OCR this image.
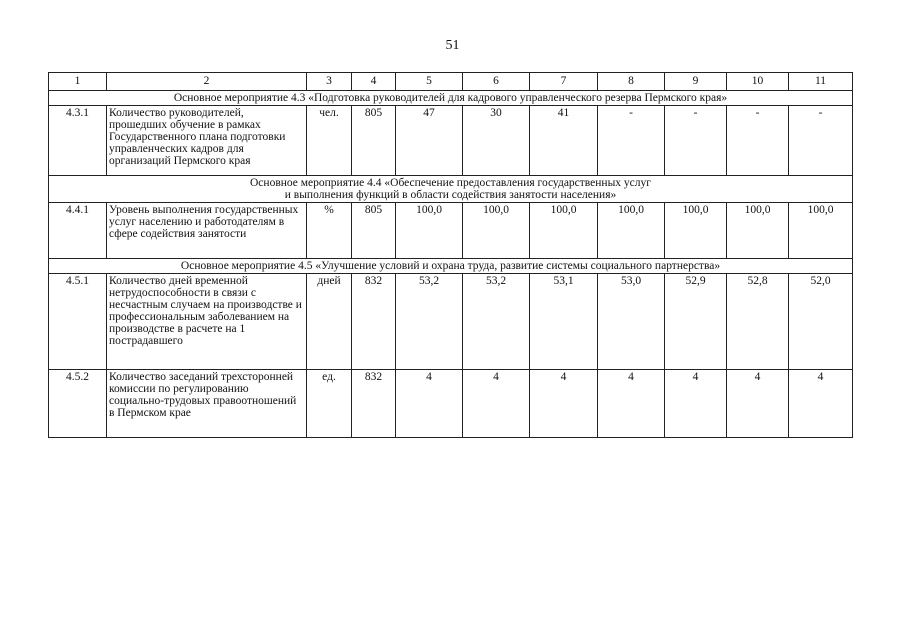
51
1	2	3	4	5	6	7	8	9	10	11
Основное мероприятие 4.3 «Подготовка руководителей для кадрового управленческого резерва Пермского края»										
4.3.1	Количество руководителей, прошедших обучение в рамках Государственного плана подготовки управленческих кадров для организаций Пермского края	чел.	805	47	30	41	-	-	-	-
Основное мероприятие 4.4 «Обеспечение предоставления государственных услуг
и выполнения функций в области содействия занятости населения»										
4.4.1	Уровень выполнения государственных услуг населению и работодателям в сфере содействия занятости	%	805	100,0	100,0	100,0	100,0	100,0	100,0	100,0
Основное мероприятие 4.5 «Улучшение условий и охрана труда, развитие системы социального партнерства»										
4.5.1	Количество дней временной нетрудоспособности в связи с несчастным случаем на производстве и профессиональным заболеванием на производстве в расчете на 1 пострадавшего	дней	832	53,2	53,2	53,1	53,0	52,9	52,8	52,0
4.5.2	Количество заседаний трехсторонней комиссии по регулированию социально-трудовых правоотношений в Пермском крае	ед.	832	4	4	4	4	4	4	4
